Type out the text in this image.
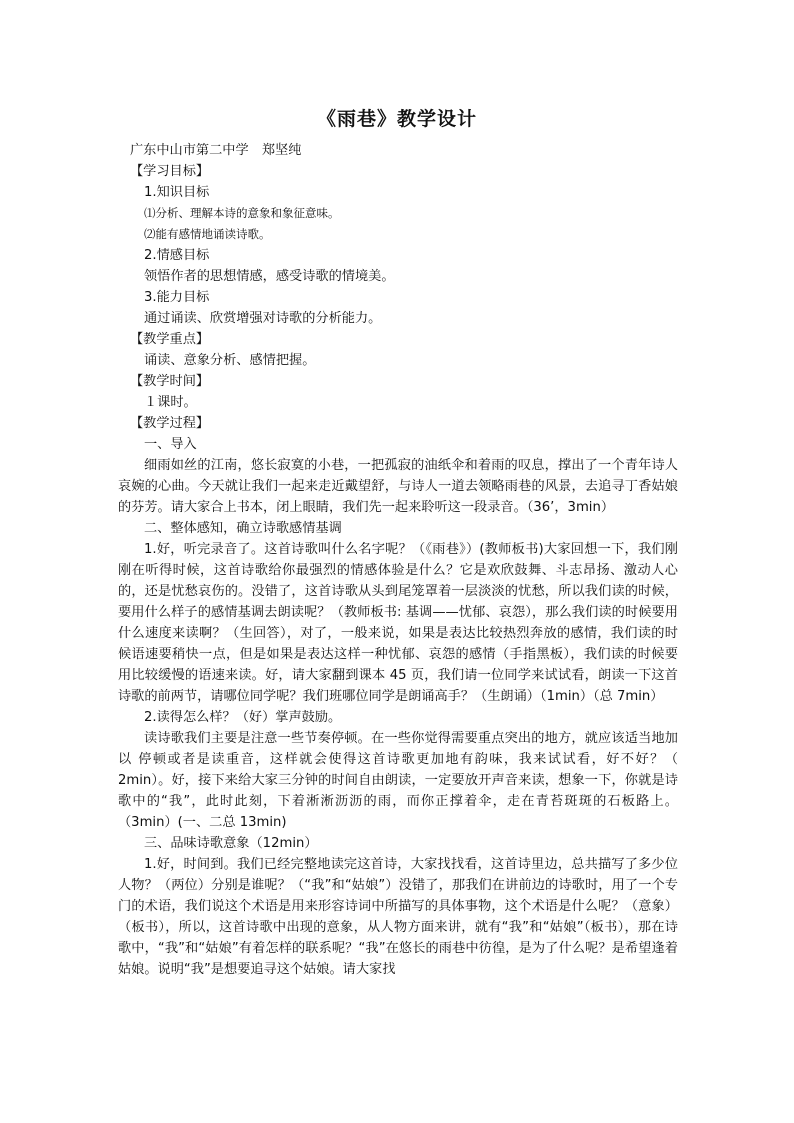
《雨巷》教学设计

广东中山市第二中学　郑坚纯

【学习目标】

1.知识目标

⑴分析、理解本诗的意象和象征意味。

⑵能有感情地诵读诗歌。

2.情感目标

领悟作者的思想情感，感受诗歌的情境美。

3.能力目标

通过诵读、欣赏增强对诗歌的分析能力。

【教学重点】

诵读、意象分析、感情把握。

【教学时间】

１课时。

【教学过程】

一、导入

细雨如丝的江南，悠长寂寞的小巷，一把孤寂的油纸伞和着雨的叹息，撑出了一个青年诗人哀婉的心曲。今天就让我们一起来走近戴望舒，与诗人一道去领略雨巷的风景，去追寻丁香姑娘的芬芳。请大家合上书本，闭上眼睛，我们先一起来聆听这一段录音。（36’，3min）

二、整体感知，确立诗歌感情基调

1.好，听完录音了。这首诗歌叫什么名字呢？（《雨巷》）(教师板书)大家回想一下，我们刚刚在听得时候，这首诗歌给你最强烈的情感体验是什么？它是欢欣鼓舞、斗志昂扬、激动人心的，还是忧愁哀伤的。没错了，这首诗歌从头到尾笼罩着一层淡淡的忧愁，所以我们读的时候，要用什么样子的感情基调去朗读呢？（教师板书: 基调——忧郁、哀怨），那么我们读的时候要用什么速度来读啊？（生回答），对了，一般来说，如果是表达比较热烈奔放的感情，我们读的时候语速要稍快一点，但是如果是表达这样一种忧郁、哀怨的感情（手指黑板），我们读的时候要用比较缓慢的语速来读。好，请大家翻到课本 45 页，我们请一位同学来试试看，朗读一下这首诗歌的前两节，请哪位同学呢？我们班哪位同学是朗诵高手？（生朗诵）（1min）（总 7min）

2.读得怎么样？（好）掌声鼓励。

读诗歌我们主要是注意一些节奏停顿。在一些你觉得需要重点突出的地方，就应该适当地加以 停顿或者是读重音，这样就会使得这首诗歌更加地有韵味，我来试试看，好不好？（ 2min）。好，接下来给大家三分钟的时间自由朗读，一定要放开声音来读，想象一下，你就是诗歌中的“我”，此时此刻，下着淅淅沥沥的雨，而你正撑着伞，走在青苔斑斑的石板路上。（3min）(一、二总 13min)

三、品味诗歌意象（12min）

1.好，时间到。我们已经完整地读完这首诗，大家找找看，这首诗里边，总共描写了多少位人物？（两位）分别是谁呢？（“我”和“姑娘”）没错了，那我们在讲前边的诗歌时，用了一个专门的术语，我们说这个术语是用来形容诗词中所描写的具体事物，这个术语是什么呢？（意象）（板书），所以，这首诗歌中出现的意象，从人物方面来讲，就有“我”和“姑娘”（板书），那在诗歌中，“我”和“姑娘”有着怎样的联系呢？“我”在悠长的雨巷中彷徨，是为了什么呢？是希望逢着姑娘。说明“我”是想要追寻这个姑娘。请大家找
